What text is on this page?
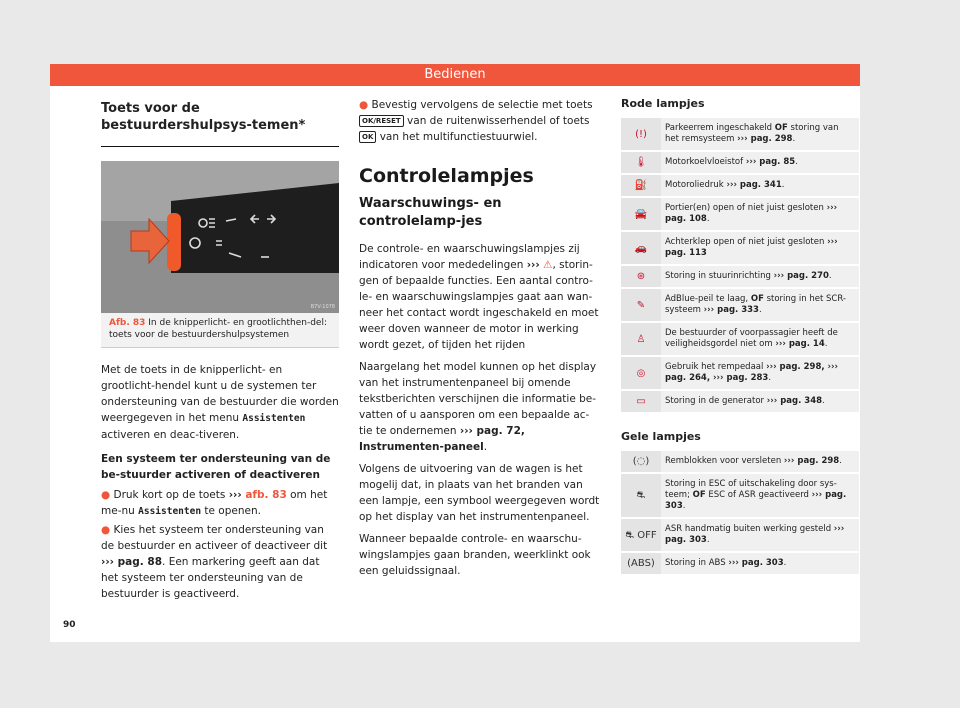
Bedienen
Toets voor de bestuurdershulpsys-temen*
B7V-1078
Afb. 83 In de knipperlicht- en grootlichthen-del: toets voor de bestuurdershulpsystemen

Met de toets in de knipperlicht- en grootlicht-hendel kunt u de systemen ter ondersteuning van de bestuurder die worden weergegeven in het menu Assistenten activeren en deac-tiveren.

Een systeem ter ondersteuning van de be-stuurder activeren of deactiveren

● Druk kort op de toets ››› afb. 83 om het me-nu Assistenten te openen.

● Kies het systeem ter ondersteuning van de bestuurder en activeer of deactiveer dit ››› pag. 88. Een markering geeft aan dat het systeem ter ondersteuning van de bestuurder is geactiveerd.

● Bevestig vervolgens de selectie met toets OK/RESET van de ruitenwisserhendel of toets OK van het multifunctiestuurwiel.

Controlelampjes
Waarschuwings- en controlelamp-jes

De controle- en waarschuwingslampjes zij indicatoren voor mededelingen ››› ⚠, storin-gen of bepaalde functies. Een aantal contro-le- en waarschuwingslampjes gaat aan wan-neer het contact wordt ingeschakeld en moet weer doven wanneer de motor in werking wordt gezet, of tijden het rijden

Naargelang het model kunnen op het display van het instrumentenpaneel bij omende tekstberichten verschijnen die informatie be-vatten of u aansporen om een bepaalde ac-tie te ondernemen ››› pag. 72, Instrumenten-paneel.

Volgens de uitvoering van de wagen is het mogelij dat, in plaats van het branden van een lampje, een symbool weergegeven wordt op het display van het instrumentenpaneel.

Wanneer bepaalde controle- en waarschu-wingslampjes gaan branden, weerklinkt ook een geluidssignaal.

Rode lampjes
(!)	Parkeerrem ingeschakeld OF storing van het remsysteem ››› pag. 298.
🌡	Motorkoelvloeistof ››› pag. 85.
⛽	Motorolie​druk ››› pag. 341.
🚘	Portier(en) open of niet juist gesloten ››› pag. 108.
🚗	Achterklep open of niet juist gesloten ››› pag. 113
⊛	Storing in stuurinrichting ››› pag. 270.
✎	AdBlue-peil te laag, OF storing in het SCR-systeem ››› pag. 333.
♙	De bestuurder of voorpassagier heeft de veiligheidsgordel niet om ››› pag. 14.
◎	Gebruik het rempedaal ››› pag. 298, ››› pag. 264, ››› pag. 283.
▭	Storing in de generator ››› pag. 348.
Gele lampjes
(◌)	Remblokken voor versleten ››› pag. 298.
⛐	Storing in ESC of uitschakeling door sys-teem; OF ESC of ASR geactiveerd ››› pag. 303.
⛐ OFF	ASR handmatig buiten werking gesteld ››› pag. 303.
(ABS)	Storing in ABS ››› pag. 303.
90
